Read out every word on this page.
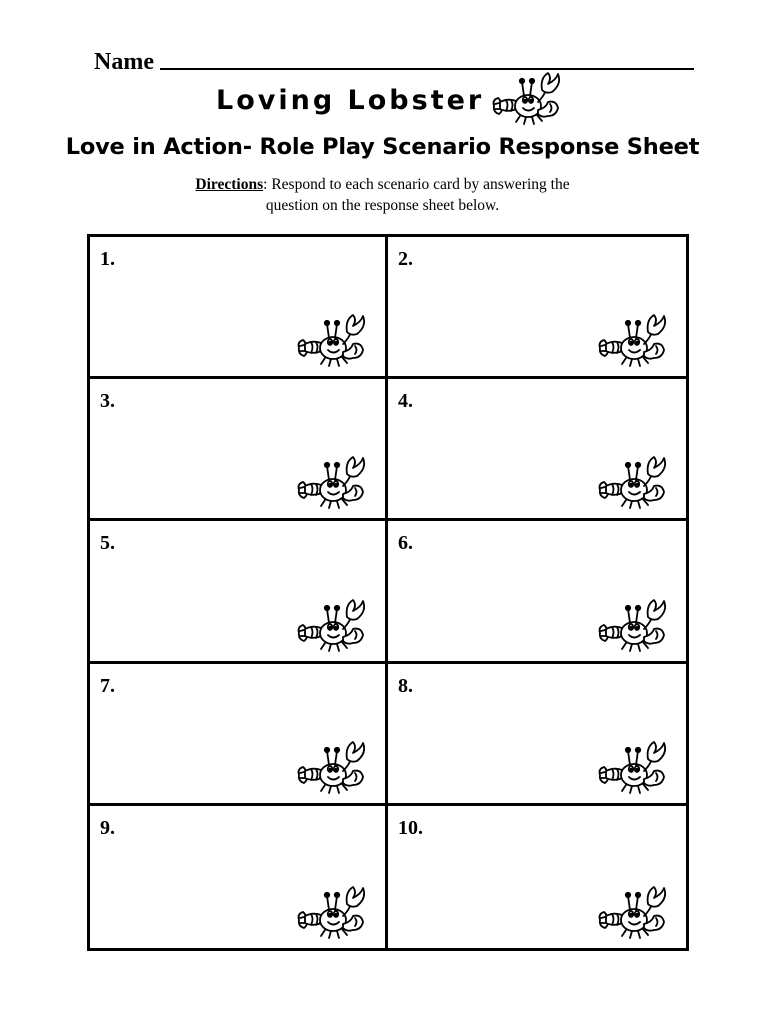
Name
Loving Lobster
Love in Action- Role Play Scenario Response Sheet
Directions: Respond to each scenario card by answering the
question on the response sheet below.
1.	2.
3.	4.
5.	6.
7.	8.
9.	10.
